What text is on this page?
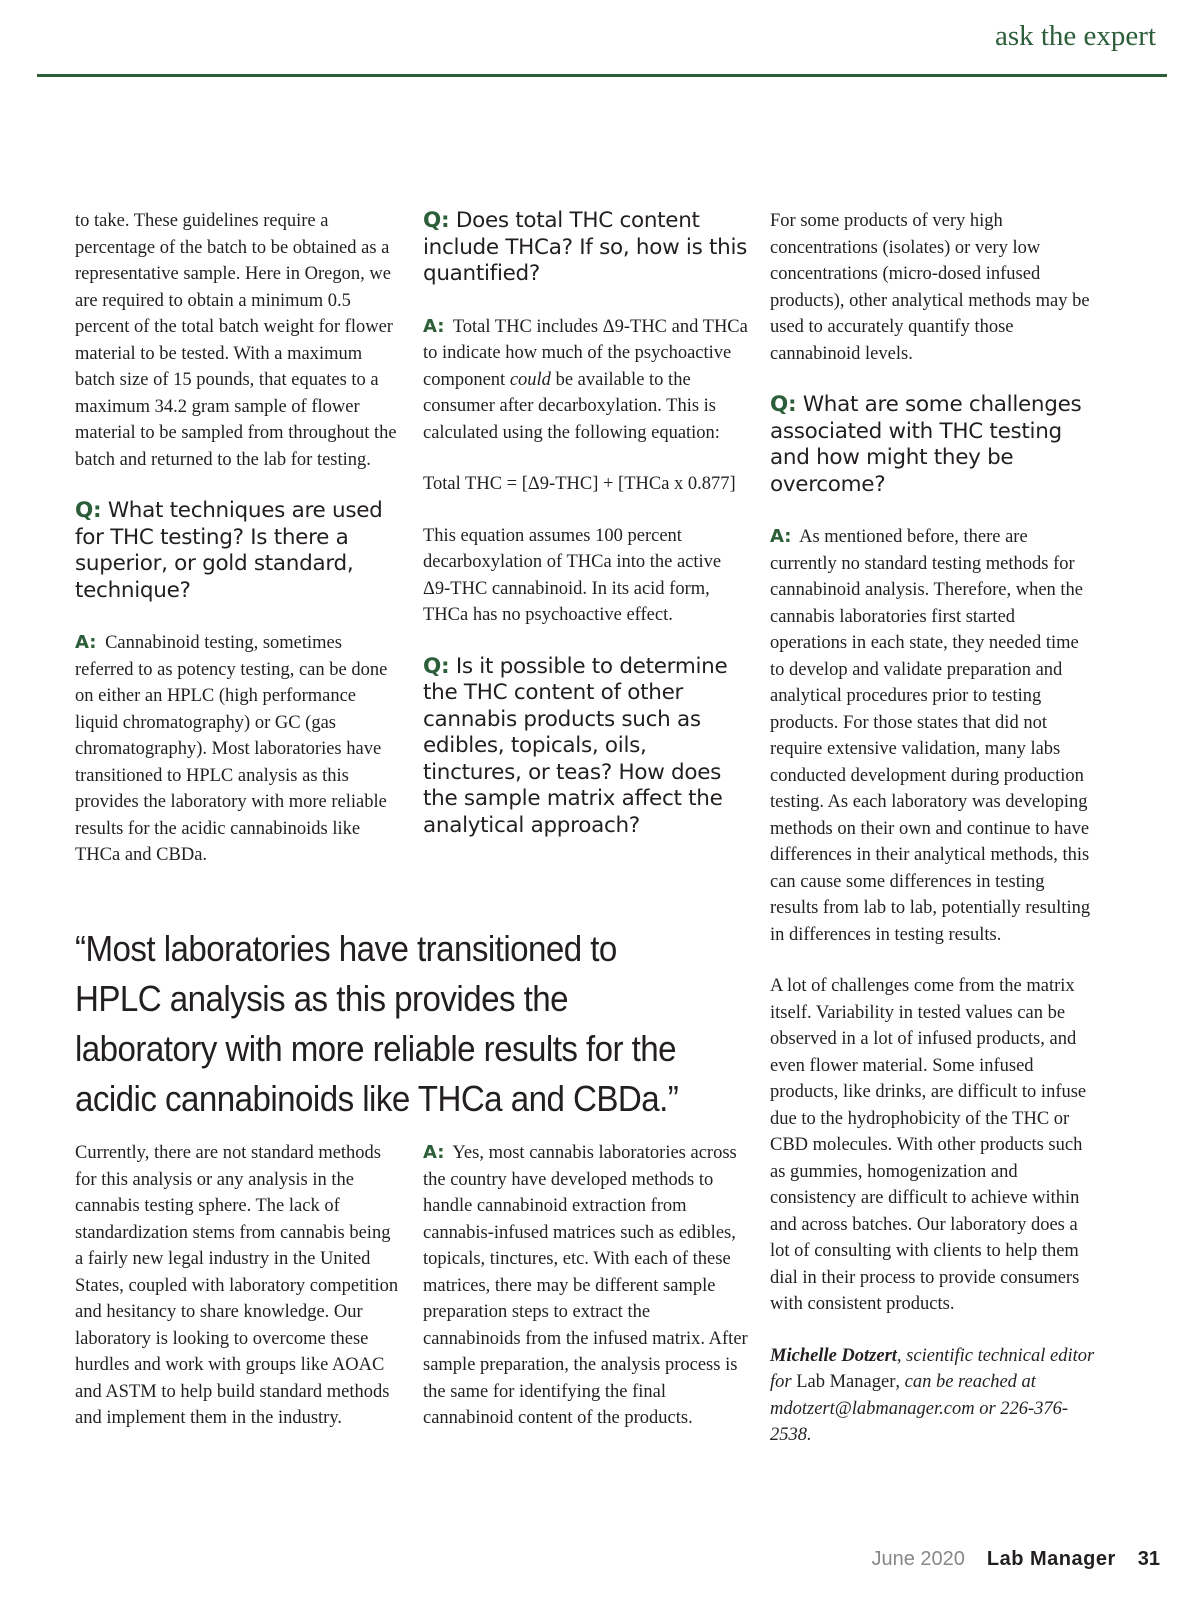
ask the expert

to take. These guidelines require a percentage of the batch to be obtained as a representative sample. Here in Oregon, we are required to obtain a minimum 0.5 percent of the total batch weight for flower material to be tested. With a maximum batch size of 15 pounds, that equates to a maximum 34.2 gram sample of flower material to be sampled from throughout the batch and returned to the lab for testing.

Q: What techniques are used for THC testing? Is there a superior, or gold standard, technique?

A: Cannabinoid testing, sometimes referred to as potency testing, can be done on either an HPLC (high performance liquid chromatography) or GC (gas chromatography). Most laboratories have transitioned to HPLC analysis as this provides the laboratory with more reliable results for the acidic cannabinoids like THCa and CBDa.

Q: Does total THC content include THCa? If so, how is this quantified?

A: Total THC includes Δ9-THC and THCa to indicate how much of the psychoactive component could be available to the consumer after decarboxylation. This is calculated using the following equation:

Total THC = [Δ9-THC] + [THCa x 0.877]

This equation assumes 100 percent decarboxylation of THCa into the active Δ9-THC cannabinoid. In its acid form, THCa has no psychoactive effect.

Q: Is it possible to determine the THC content of other cannabis products such as edibles, topicals, oils, tinctures, or teas? How does the sample matrix affect the analytical approach?

For some products of very high concentrations (isolates) or very low concentrations (micro-dosed infused products), other analytical methods may be used to accurately quantify those cannabinoid levels.

Q: What are some challenges associated with THC testing and how might they be overcome?

A: As mentioned before, there are currently no standard testing methods for cannabinoid analysis. Therefore, when the cannabis laboratories first started operations in each state, they needed time to develop and validate preparation and analytical procedures prior to testing products. For those states that did not require extensive validation, many labs conducted development during production testing. As each laboratory was developing methods on their own and continue to have differences in their analytical methods, this can cause some differences in testing results from lab to lab, potentially resulting in differences in testing results.

A lot of challenges come from the matrix itself. Variability in tested values can be observed in a lot of infused products, and even flower material. Some infused products, like drinks, are difficult to infuse due to the hydrophobicity of the THC or CBD molecules. With other products such as gummies, homogenization and consistency are difficult to achieve within and across batches. Our laboratory does a lot of consulting with clients to help them dial in their process to provide consumers with consistent products.

Michelle Dotzert, scientific technical editor for Lab Manager, can be reached at mdotzert@labmanager.com or 226-376-2538.

“Most laboratories have transitioned to HPLC analysis as this provides the laboratory with more reliable results for the acidic cannabinoids like THCa and CBDa.”

Currently, there are not standard methods for this analysis or any analysis in the cannabis testing sphere. The lack of standardization stems from cannabis being a fairly new legal industry in the United States, coupled with laboratory competition and hesitancy to share knowledge. Our laboratory is looking to overcome these hurdles and work with groups like AOAC and ASTM to help build standard methods and implement them in the industry.

A: Yes, most cannabis laboratories across the country have developed methods to handle cannabinoid extraction from cannabis-infused matrices such as edibles, topicals, tinctures, etc. With each of these matrices, there may be different sample preparation steps to extract the cannabinoids from the infused matrix. After sample preparation, the analysis process is the same for identifying the final cannabinoid content of the products.

June 2020 Lab Manager 31
